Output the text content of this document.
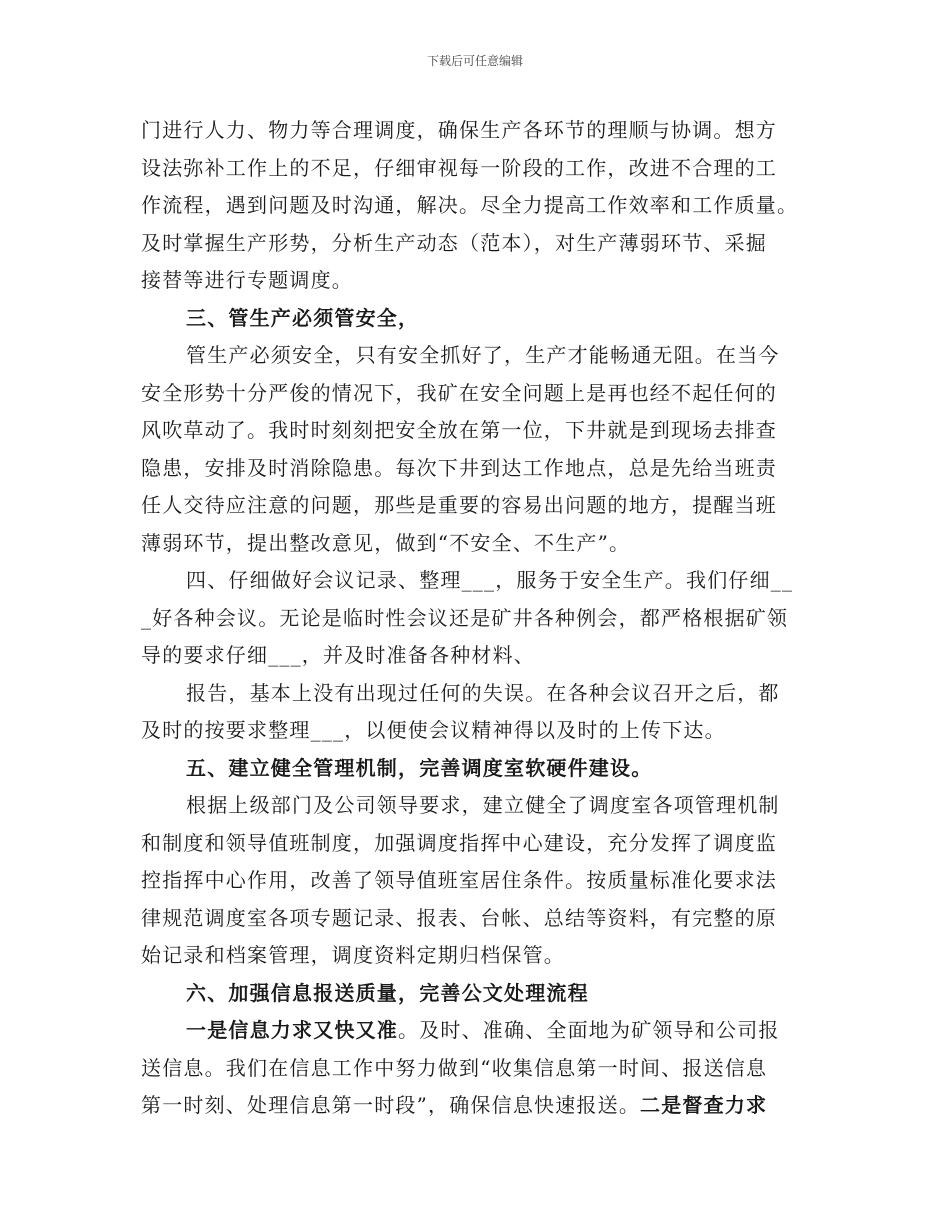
下载后可任意编辑
门进行人力、物力等合理调度，确保生产各环节的理顺与协调。想方
设法弥补工作上的不足，仔细审视每一阶段的工作，改进不合理的工
作流程，遇到问题及时沟通，解决。尽全力提高工作效率和工作质量。
及时掌握生产形势，分析生产动态（范本），对生产薄弱环节、采掘
接替等进行专题调度。
三、管生产必须管安全，
管生产必须安全，只有安全抓好了，生产才能畅通无阻。在当今
安全形势十分严俊的情况下，我矿在安全问题上是再也经不起任何的
风吹草动了。我时时刻刻把安全放在第一位，下井就是到现场去排查
隐患，安排及时消除隐患。每次下井到达工作地点，总是先给当班责
任人交待应注意的问题，那些是重要的容易出问题的地方，提醒当班
薄弱环节，提出整改意见，做到“不安全、不生产”。
四、仔细做好会议记录、整理___，服务于安全生产。我们仔细__
_好各种会议。无论是临时性会议还是矿井各种例会，都严格根据矿领
导的要求仔细___，并及时准备各种材料、
报告，基本上没有出现过任何的失误。在各种会议召开之后，都
及时的按要求整理___，以便使会议精神得以及时的上传下达。
五、建立健全管理机制，完善调度室软硬件建设。
根据上级部门及公司领导要求，建立健全了调度室各项管理机制
和制度和领导值班制度，加强调度指挥中心建设，充分发挥了调度监
控指挥中心作用，改善了领导值班室居住条件。按质量标准化要求法
律规范调度室各项专题记录、报表、台帐、总结等资料，有完整的原
始记录和档案管理，调度资料定期归档保管。
六、加强信息报送质量，完善公文处理流程
一是信息力求又快又准。及时、准确、全面地为矿领导和公司报
送信息。我们在信息工作中努力做到“收集信息第一时间、报送信息
第一时刻、处理信息第一时段”，确保信息快速报送。二是督查力求
